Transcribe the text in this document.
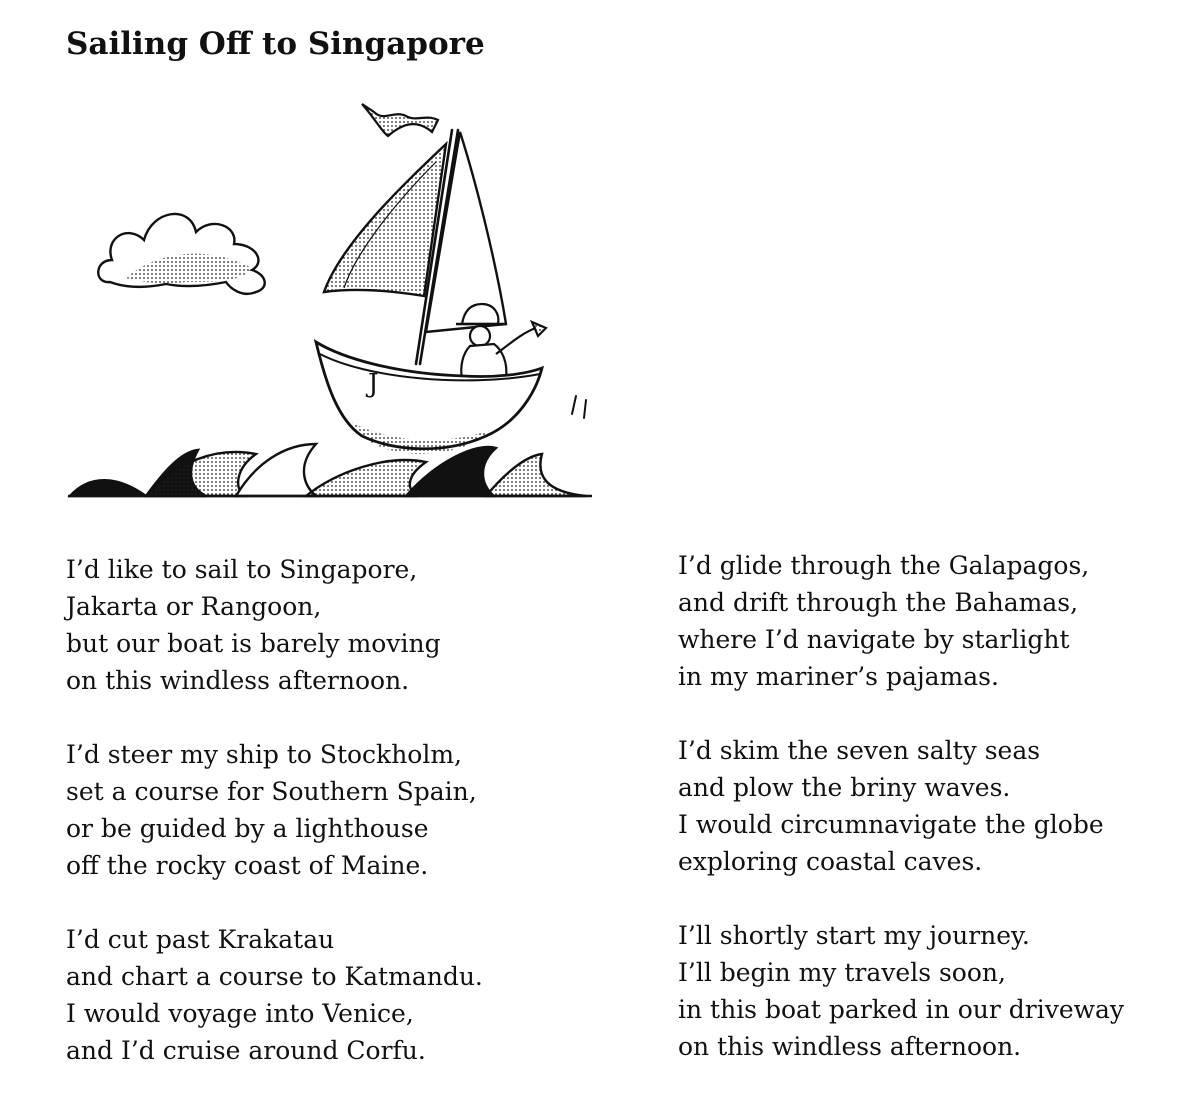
Sailing Off to Singapore
J
I’d like to sail to Singapore,
Jakarta or Rangoon,
but our boat is barely moving
on this windless afternoon.
I’d steer my ship to Stockholm,
set a course for Southern Spain,
or be guided by a lighthouse
off the rocky coast of Maine.
I’d cut past Krakatau
and chart a course to Katmandu.
I would voyage into Venice,
and I’d cruise around Corfu.
I’d glide through the Galapagos,
and drift through the Bahamas,
where I’d navigate by starlight
in my mariner’s pajamas.
I’d skim the seven salty seas
and plow the briny waves.
I would circumnavigate the globe
exploring coastal caves.
I’ll shortly start my journey.
I’ll begin my travels soon,
in this boat parked in our driveway
on this windless afternoon.
